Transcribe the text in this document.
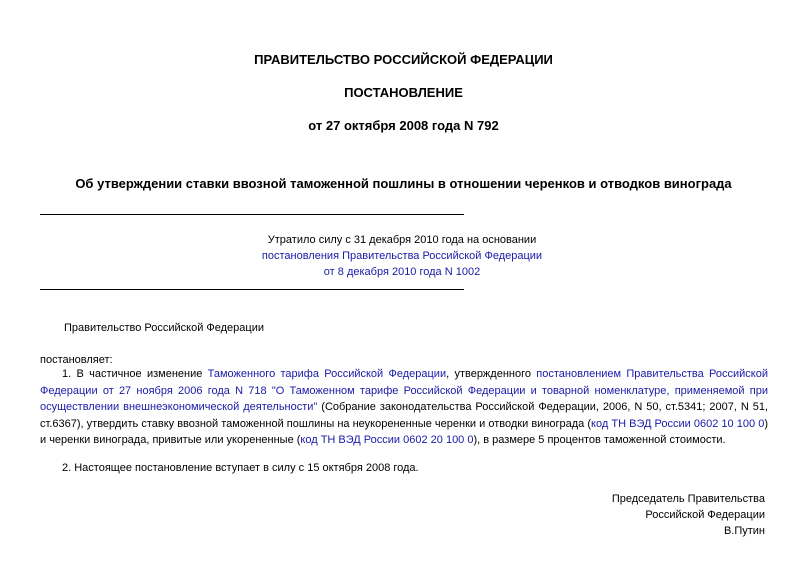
ПРАВИТЕЛЬСТВО РОССИЙСКОЙ ФЕДЕРАЦИИ
ПОСТАНОВЛЕНИЕ
от 27 октября 2008 года N 792
Об утверждении ставки ввозной таможенной пошлины в отношении черенков и отводков винограда
Утратило силу с 31 декабря 2010 года на основании
постановления Правительства Российской Федерации
от 8 декабря 2010 года N 1002
Правительство Российской Федерации
постановляет:
1. В частичное изменение Таможенного тарифа Российской Федерации, утвержденного постановлением Правительства Российской Федерации от 27 ноября 2006 года N 718 "О Таможенном тарифе Российской Федерации и товарной номенклатуре, применяемой при осуществлении внешнеэкономической деятельности" (Собрание законодательства Российской Федерации, 2006, N 50, ст.5341; 2007, N 51, ст.6367), утвердить ставку ввозной таможенной пошлины на неукорененные черенки и отводки винограда (код ТН ВЭД России 0602 10 100 0) и черенки винограда, привитые или укорененные (код ТН ВЭД России 0602 20 100 0), в размере 5 процентов таможенной стоимости.
2. Настоящее постановление вступает в силу с 15 октября 2008 года.
Председатель Правительства
Российской Федерации
В.Путин
